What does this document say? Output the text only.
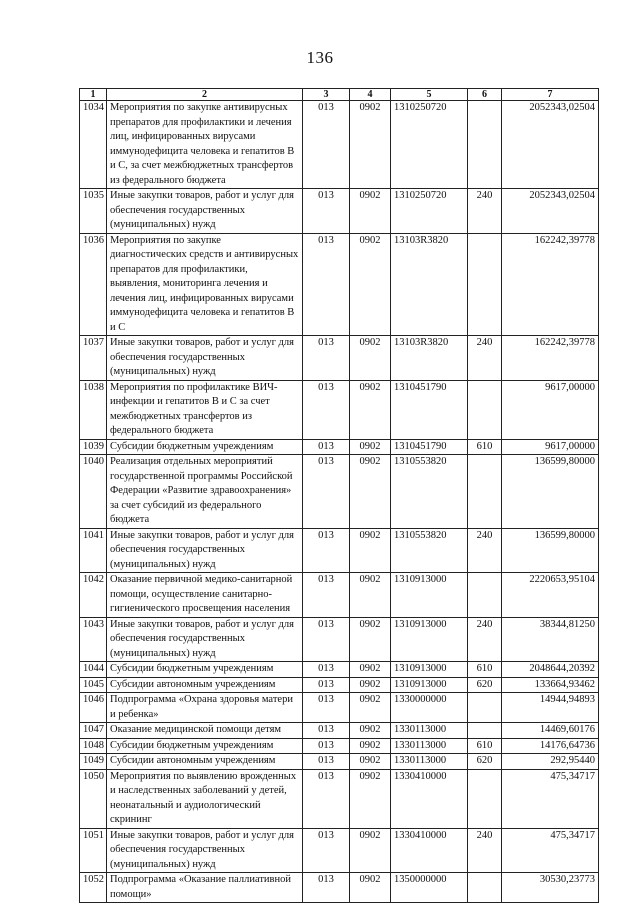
136
1	2	3	4	5	6	7
1034	Мероприятия по закупке антивирусных препаратов для профилактики и лечения лиц, инфицированных вирусами иммунодефицита человека и гепатитов В и С, за счет межбюджетных трансфертов из федерального бюджета	013	0902	1310250720		2052343,02504
1035	Иные закупки товаров, работ и услуг для обеспечения государственных (муниципальных) нужд	013	0902	1310250720	240	2052343,02504
1036	Мероприятия по закупке диагностических средств и антивирусных препаратов для профилактики, выявления, мониторинга лечения и лечения лиц, инфицированных вирусами иммунодефицита человека и гепатитов В и С	013	0902	13103R3820		162242,39778
1037	Иные закупки товаров, работ и услуг для обеспечения государственных (муниципальных) нужд	013	0902	13103R3820	240	162242,39778
1038	Мероприятия по профилактике ВИЧ-инфекции и гепатитов В и С за счет межбюджетных трансфертов из федерального бюджета	013	0902	1310451790		9617,00000
1039	Субсидии бюджетным учреждениям	013	0902	1310451790	610	9617,00000
1040	Реализация отдельных мероприятий государственной программы Российской Федерации «Развитие здравоохранения» за счет субсидий из федерального бюджета	013	0902	1310553820		136599,80000
1041	Иные закупки товаров, работ и услуг для обеспечения государственных (муниципальных) нужд	013	0902	1310553820	240	136599,80000
1042	Оказание первичной медико-санитарной помощи, осуществление санитарно-гигиенического просвещения населения	013	0902	1310913000		2220653,95104
1043	Иные закупки товаров, работ и услуг для обеспечения государственных (муниципальных) нужд	013	0902	1310913000	240	38344,81250
1044	Субсидии бюджетным учреждениям	013	0902	1310913000	610	2048644,20392
1045	Субсидии автономным учреждениям	013	0902	1310913000	620	133664,93462
1046	Подпрограмма «Охрана здоровья матери и ребенка»	013	0902	1330000000		14944,94893
1047	Оказание медицинской помощи детям	013	0902	1330113000		14469,60176
1048	Субсидии бюджетным учреждениям	013	0902	1330113000	610	14176,64736
1049	Субсидии автономным учреждениям	013	0902	1330113000	620	292,95440
1050	Мероприятия по выявлению врожденных и наследственных заболеваний у детей, неонатальный и аудиологический скрининг	013	0902	1330410000		475,34717
1051	Иные закупки товаров, работ и услуг для обеспечения государственных (муниципальных) нужд	013	0902	1330410000	240	475,34717
1052	Подпрограмма «Оказание паллиативной помощи»	013	0902	1350000000		30530,23773
